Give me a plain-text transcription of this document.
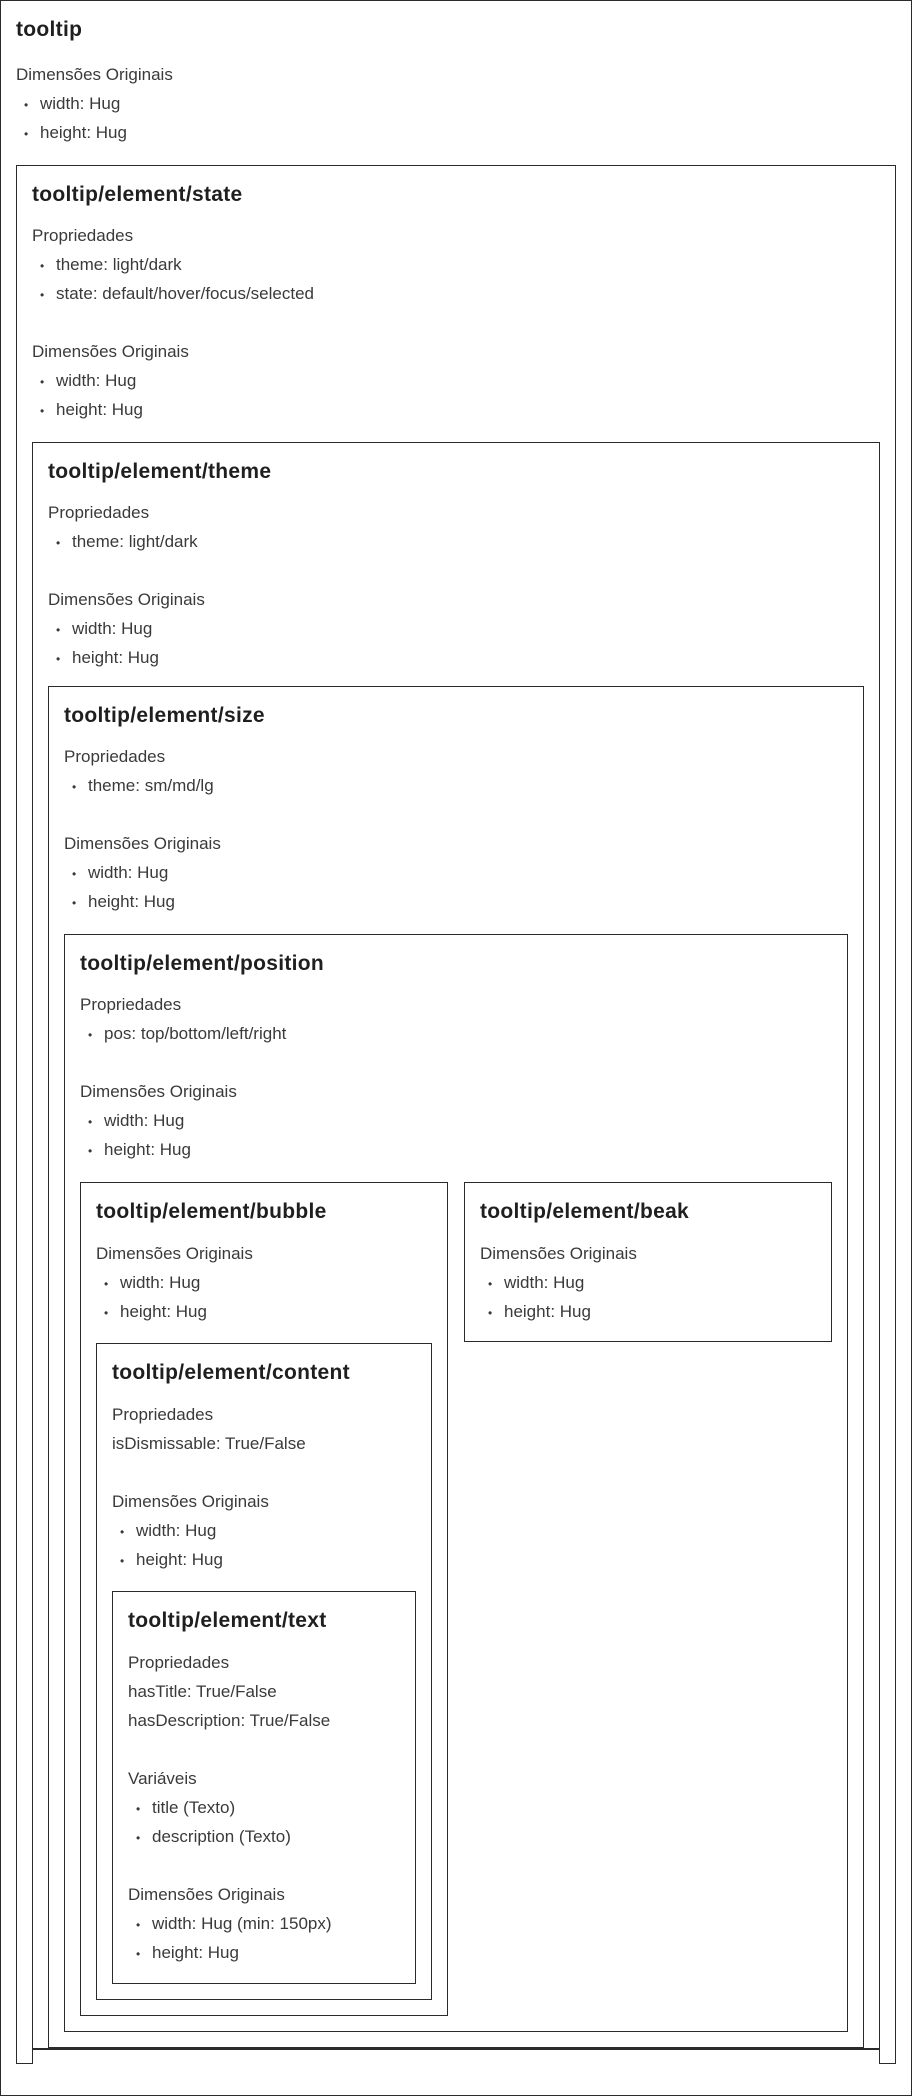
tooltip
Dimensões Originais
• width: Hug
• height: Hug
tooltip/element/state
Propriedades
• theme: light/dark
• state: default/hover/focus/selected
Dimensões Originais
• width: Hug
• height: Hug
tooltip/element/theme
Propriedades
• theme: light/dark
Dimensões Originais
• width: Hug
• height: Hug
tooltip/element/size
Propriedades
• theme: sm/md/lg
Dimensões Originais
• width: Hug
• height: Hug
tooltip/element/position
Propriedades
• pos: top/bottom/left/right
Dimensões Originais
• width: Hug
• height: Hug
tooltip/element/bubble
Dimensões Originais
• width: Hug
• height: Hug
tooltip/element/beak
Dimensões Originais
• width: Hug
• height: Hug
tooltip/element/content
Propriedades
isDismissable: True/False
Dimensões Originais
• width: Hug
• height: Hug
tooltip/element/text
Propriedades
hasTitle: True/False
hasDescription: True/False
Variáveis
• title (Texto)
• description (Texto)
Dimensões Originais
• width: Hug (min: 150px)
• height: Hug
